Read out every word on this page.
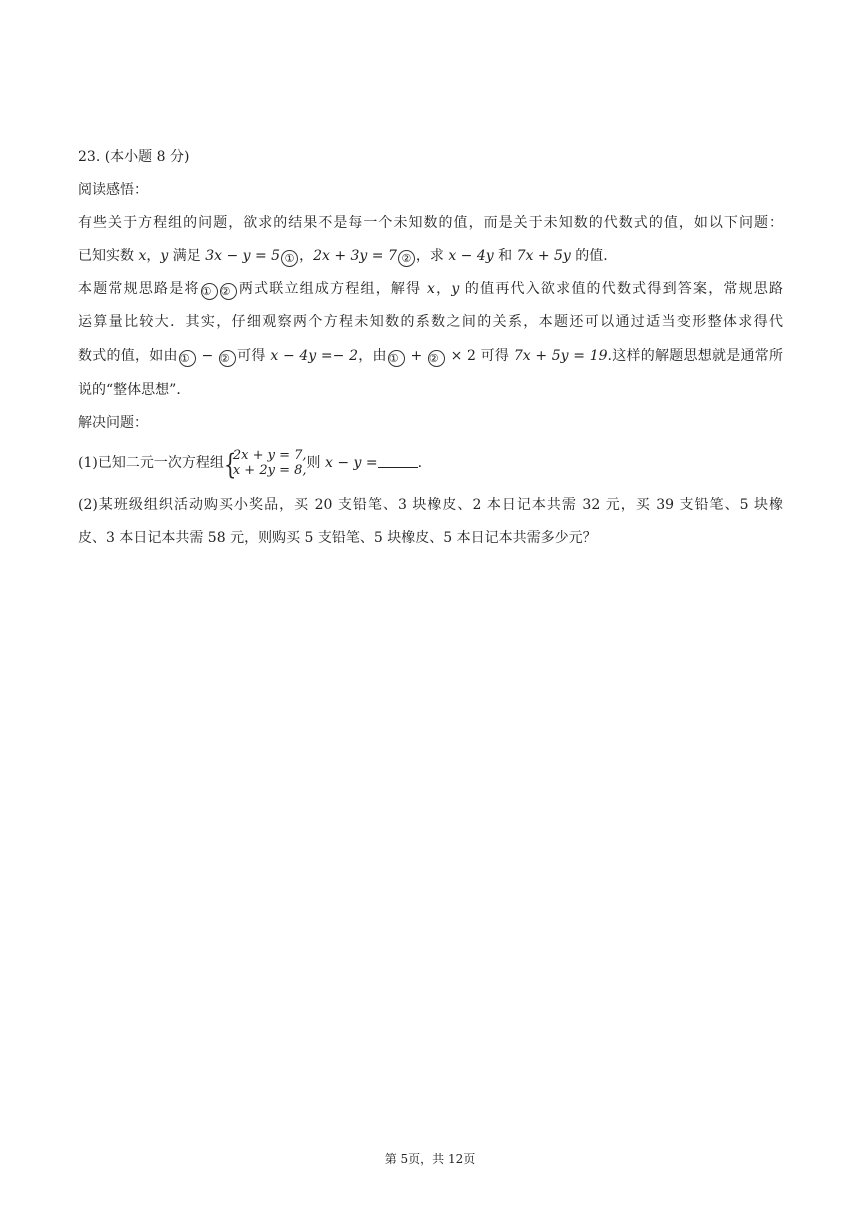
23. (本小题 8 分)
阅读感悟：
有些关于方程组的问题，欲求的结果不是每一个未知数的值，而是关于未知数的代数式的值，如以下问题：
已知实数 x，y 满足 3x − y = 5 ① ，2x + 3y = 7 ② ，求 x − 4y 和 7x + 5y 的值.
本题常规思路是将 ① ② 两式联立组成方程组，解得 x，y 的值再代入欲求值的代数式得到答案，常规思路
运算量比较大．其实，仔细观察两个方程未知数的系数之间的关系，本题还可以通过适当变形整体求得代
数式的值，如由 ① − ② 可得 x − 4y =− 2，由 ① + ② × 2 可得 7x + 5y = 19.这样的解题思想就是通常所
说的“整体思想”．
解决问题：
(1)已知二元一次方程组 {
2x + y = 7,
x + 2y = 8, 则 x − y =	.
(2)某班级组织活动购买小奖品，买 20 支铅笔、3 块橡皮、2 本日记本共需 32 元，买 39 支铅笔、5 块橡
皮、3 本日记本共需 58 元，则购买 5 支铅笔、5 块橡皮、5 本日记本共需多少元？
第 5页，共 12页
